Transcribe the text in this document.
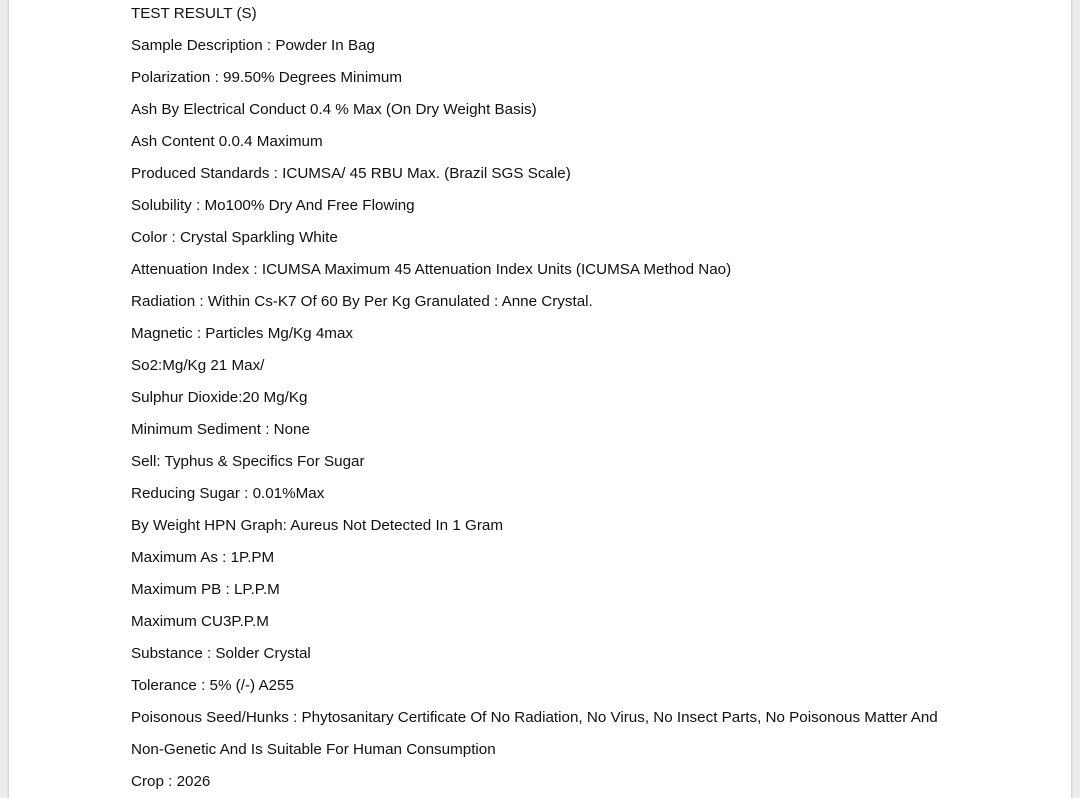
TEST RESULT (S)
Sample Description : Powder In Bag
Polarization : 99.50% Degrees Minimum
Ash By Electrical Conduct 0.4 % Max (On Dry Weight Basis)
Ash Content 0.0.4 Maximum
Produced Standards : ICUMSA/ 45 RBU Max. (Brazil SGS Scale)
Solubility : Mo100% Dry And Free Flowing
Color : Crystal Sparkling White
Attenuation Index : ICUMSA Maximum 45 Attenuation Index Units (ICUMSA Method Nao)
Radiation : Within Cs-K7 Of 60 By Per Kg Granulated : Anne Crystal.
Magnetic : Particles Mg/Kg 4max
So2:Mg/Kg 21 Max/
Sulphur Dioxide:20 Mg/Kg
Minimum Sediment : None
Sell: Typhus & Specifics For Sugar
Reducing Sugar : 0.01%Max
By Weight HPN Graph: Aureus Not Detected In 1 Gram
Maximum As : 1P.PM
Maximum PB : LP.P.M
Maximum CU3P.P.M
Substance : Solder Crystal
Tolerance : 5% (/-) A255
Poisonous Seed/Hunks : Phytosanitary Certificate Of No Radiation, No Virus, No Insect Parts, No Poisonous Matter And
Non-Genetic And Is Suitable For Human Consumption
Crop : 2026
